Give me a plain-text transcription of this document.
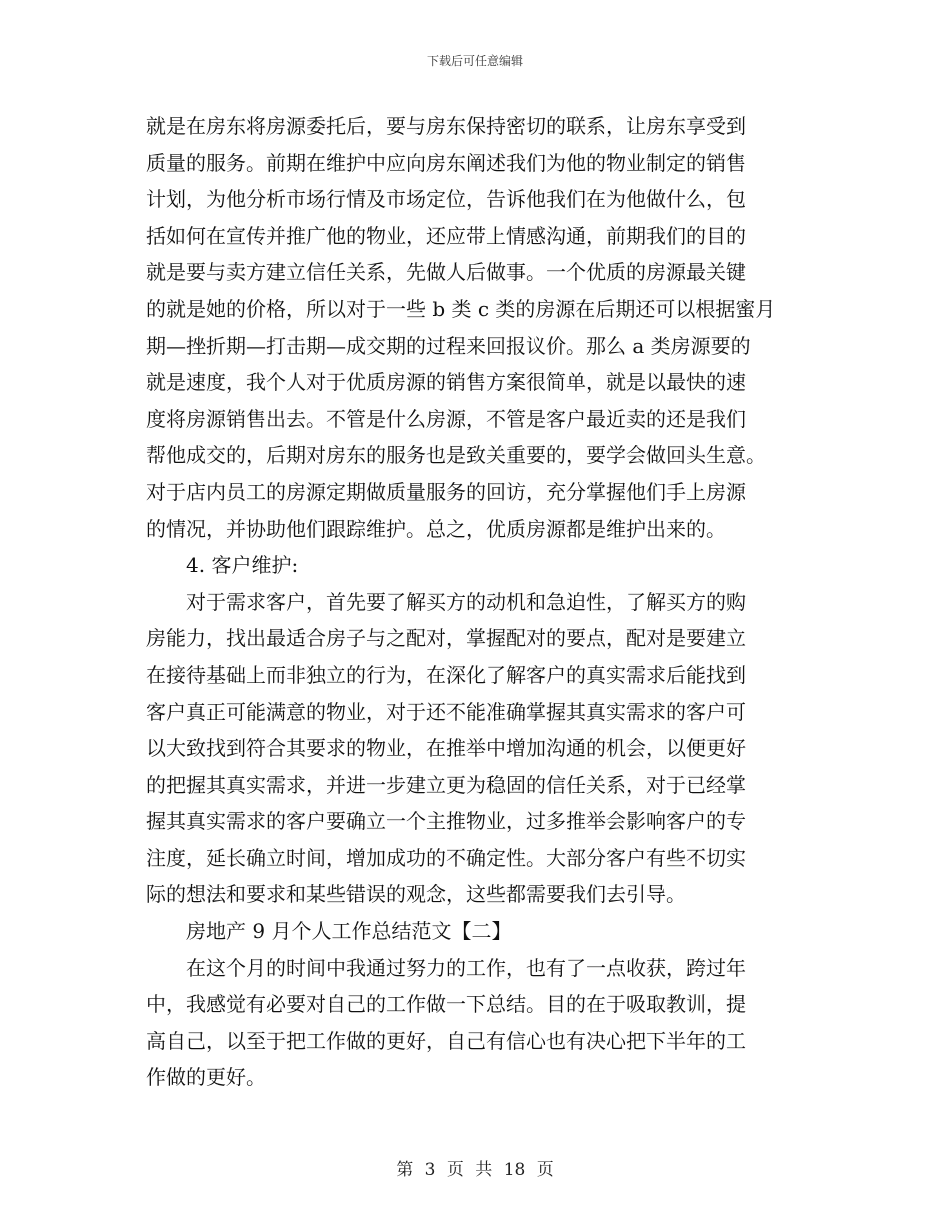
下载后可任意编辑
就是在房东将房源委托后，要与房东保持密切的联系，让房东享受到
质量的服务。前期在维护中应向房东阐述我们为他的物业制定的销售
计划，为他分析市场行情及市场定位，告诉他我们在为他做什么，包
括如何在宣传并推广他的物业，还应带上情感沟通，前期我们的目的
就是要与卖方建立信任关系，先做人后做事。一个优质的房源最关键
的就是她的价格，所以对于一些 b 类 c 类的房源在后期还可以根据蜜月
期—挫折期—打击期—成交期的过程来回报议价。那么 a 类房源要的
就是速度，我个人对于优质房源的销售方案很简单，就是以最快的速
度将房源销售出去。不管是什么房源，不管是客户最近卖的还是我们
帮他成交的，后期对房东的服务也是致关重要的，要学会做回头生意。
对于店内员工的房源定期做质量服务的回访，充分掌握他们手上房源
的情况，并协助他们跟踪维护。总之，优质房源都是维护出来的。
4. 客户维护:
对于需求客户，首先要了解买方的动机和急迫性，了解买方的购
房能力，找出最适合房子与之配对，掌握配对的要点，配对是要建立
在接待基础上而非独立的行为，在深化了解客户的真实需求后能找到
客户真正可能满意的物业，对于还不能准确掌握其真实需求的客户可
以大致找到符合其要求的物业，在推举中增加沟通的机会，以便更好
的把握其真实需求，并进一步建立更为稳固的信任关系，对于已经掌
握其真实需求的客户要确立一个主推物业，过多推举会影响客户的专
注度，延长确立时间，增加成功的不确定性。大部分客户有些不切实
际的想法和要求和某些错误的观念，这些都需要我们去引导。
房地产 9 月个人工作总结范文【二】
在这个月的时间中我通过努力的工作，也有了一点收获，跨过年
中，我感觉有必要对自己的工作做一下总结。目的在于吸取教训，提
高自己，以至于把工作做的更好，自己有信心也有决心把下半年的工
作做的更好。
第 3 页 共 18 页
